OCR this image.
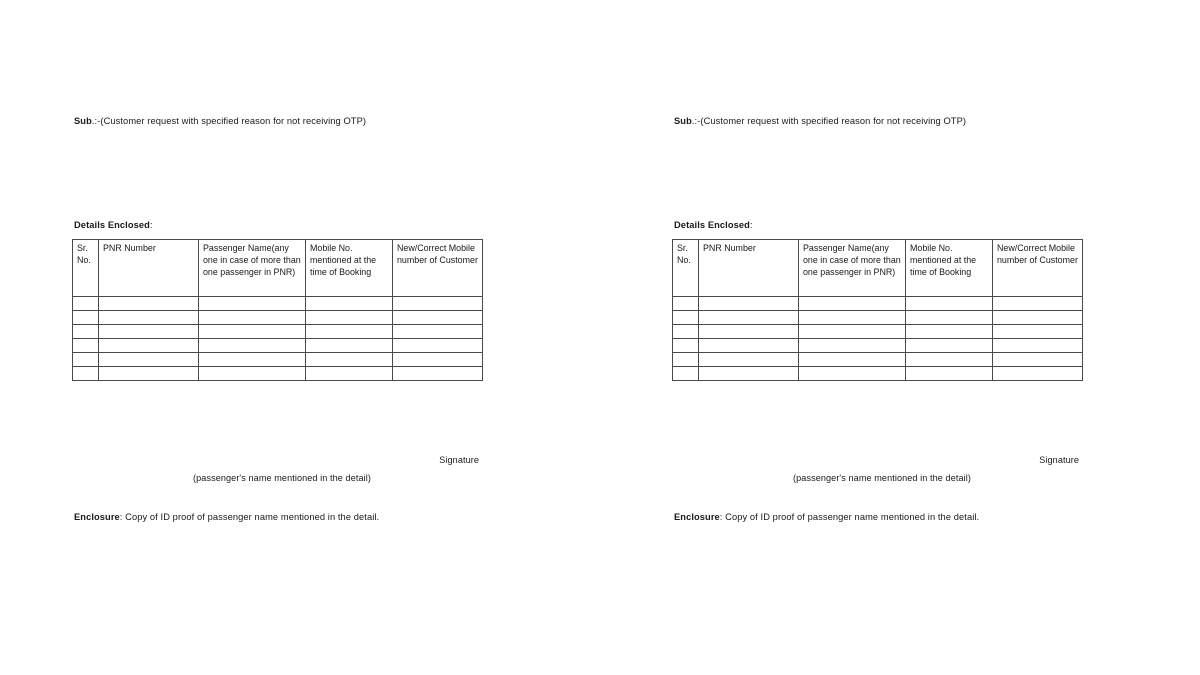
Sub.:-(Customer request with specified reason for not receiving OTP)
Details Enclosed:
Sr. No.	PNR Number	Passenger Name(any one in case of more than one passenger in PNR)	Mobile No. mentioned at the time of Booking	New/Correct Mobile number of Customer

Signature
(passenger's name mentioned in the detail)
Enclosure: Copy of ID proof of passenger name mentioned in the detail.
Sub.:-(Customer request with specified reason for not receiving OTP)
Details Enclosed:
Sr. No.	PNR Number	Passenger Name(any one in case of more than one passenger in PNR)	Mobile No. mentioned at the time of Booking	New/Correct Mobile number of Customer

Signature
(passenger's name mentioned in the detail)
Enclosure: Copy of ID proof of passenger name mentioned in the detail.
